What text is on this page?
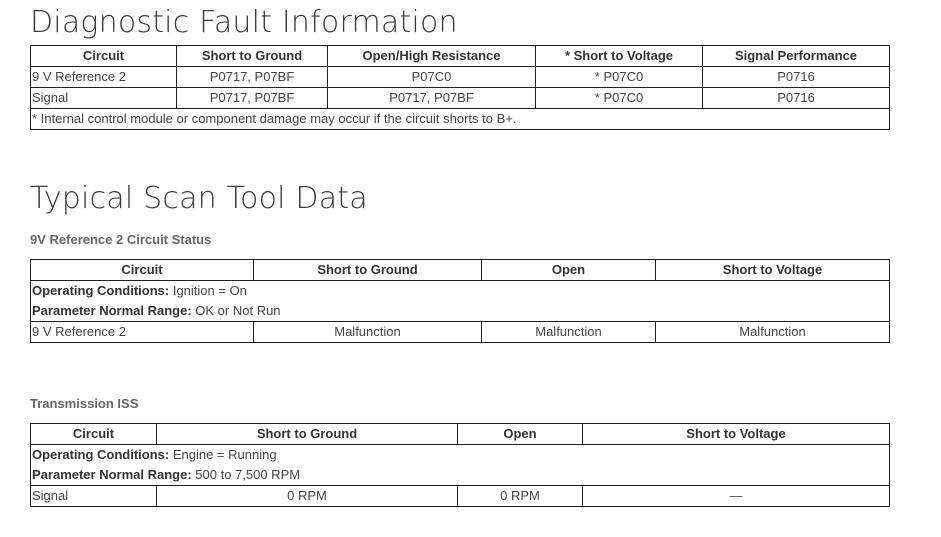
Diagnostic Fault Information
Circuit	Short to Ground	Open/High Resistance	* Short to Voltage	Signal Performance
9 V Reference 2	P0717, P07BF	P07C0	* P07C0	P0716
Signal	P0717, P07BF	P0717, P07BF	* P07C0	P0716
* Internal control module or component damage may occur if the circuit shorts to B+.				
Typical Scan Tool Data
9V Reference 2 Circuit Status
Circuit	Short to Ground	Open	Short to Voltage
Operating Conditions: Ignition = On			
Parameter Normal Range: OK or Not Run			
9 V Reference 2	Malfunction	Malfunction	Malfunction
Transmission ISS
Circuit	Short to Ground	Open	Short to Voltage
Operating Conditions: Engine = Running			
Parameter Normal Range: 500 to 7,500 RPM			
Signal	0 RPM	0 RPM	—
